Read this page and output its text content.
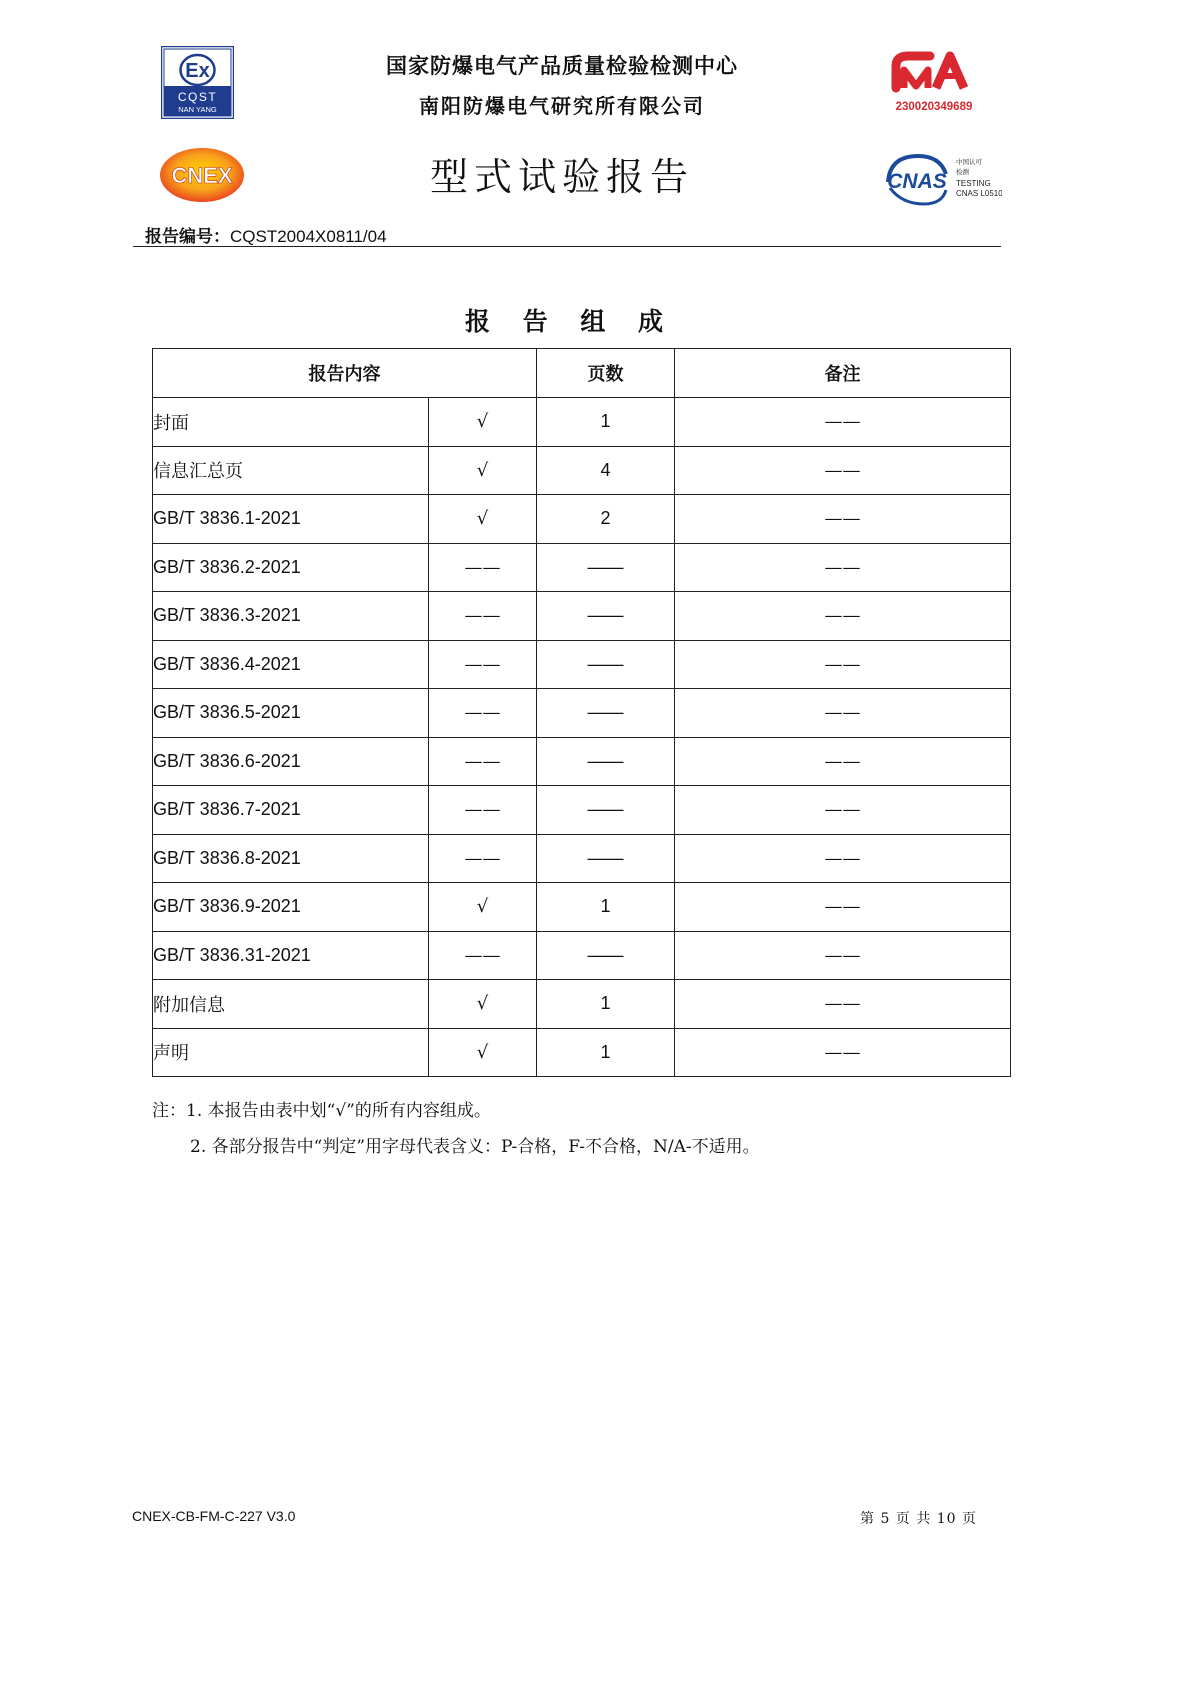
Ex
CQST
NAN YANG
CNEX
230020349689
CNAS
中国认可
检测
TESTING
CNAS L0510
国家防爆电气产品质量检验检测中心
南阳防爆电气研究所有限公司
型式试验报告
报告编号：CQST2004X0811/04
报 告 组 成
报告内容		页数	备注
封面	√	1	——
信息汇总页	√	4	——
GB/T 3836.1-2021	√	2	——
GB/T 3836.2-2021	——	——	——
GB/T 3836.3-2021	——	——	——
GB/T 3836.4-2021	——	——	——
GB/T 3836.5-2021	——	——	——
GB/T 3836.6-2021	——	——	——
GB/T 3836.7-2021	——	——	——
GB/T 3836.8-2021	——	——	——
GB/T 3836.9-2021	√	1	——
GB/T 3836.31-2021	——	——	——
附加信息	√	1	——
声明	√	1	——
注：1. 本报告由表中划“√”的所有内容组成。
2. 各部分报告中“判定”用字母代表含义：P-合格，F-不合格，N/A-不适用。
CNEX-CB-FM-C-227 V3.0	第 5 页 共 10 页
